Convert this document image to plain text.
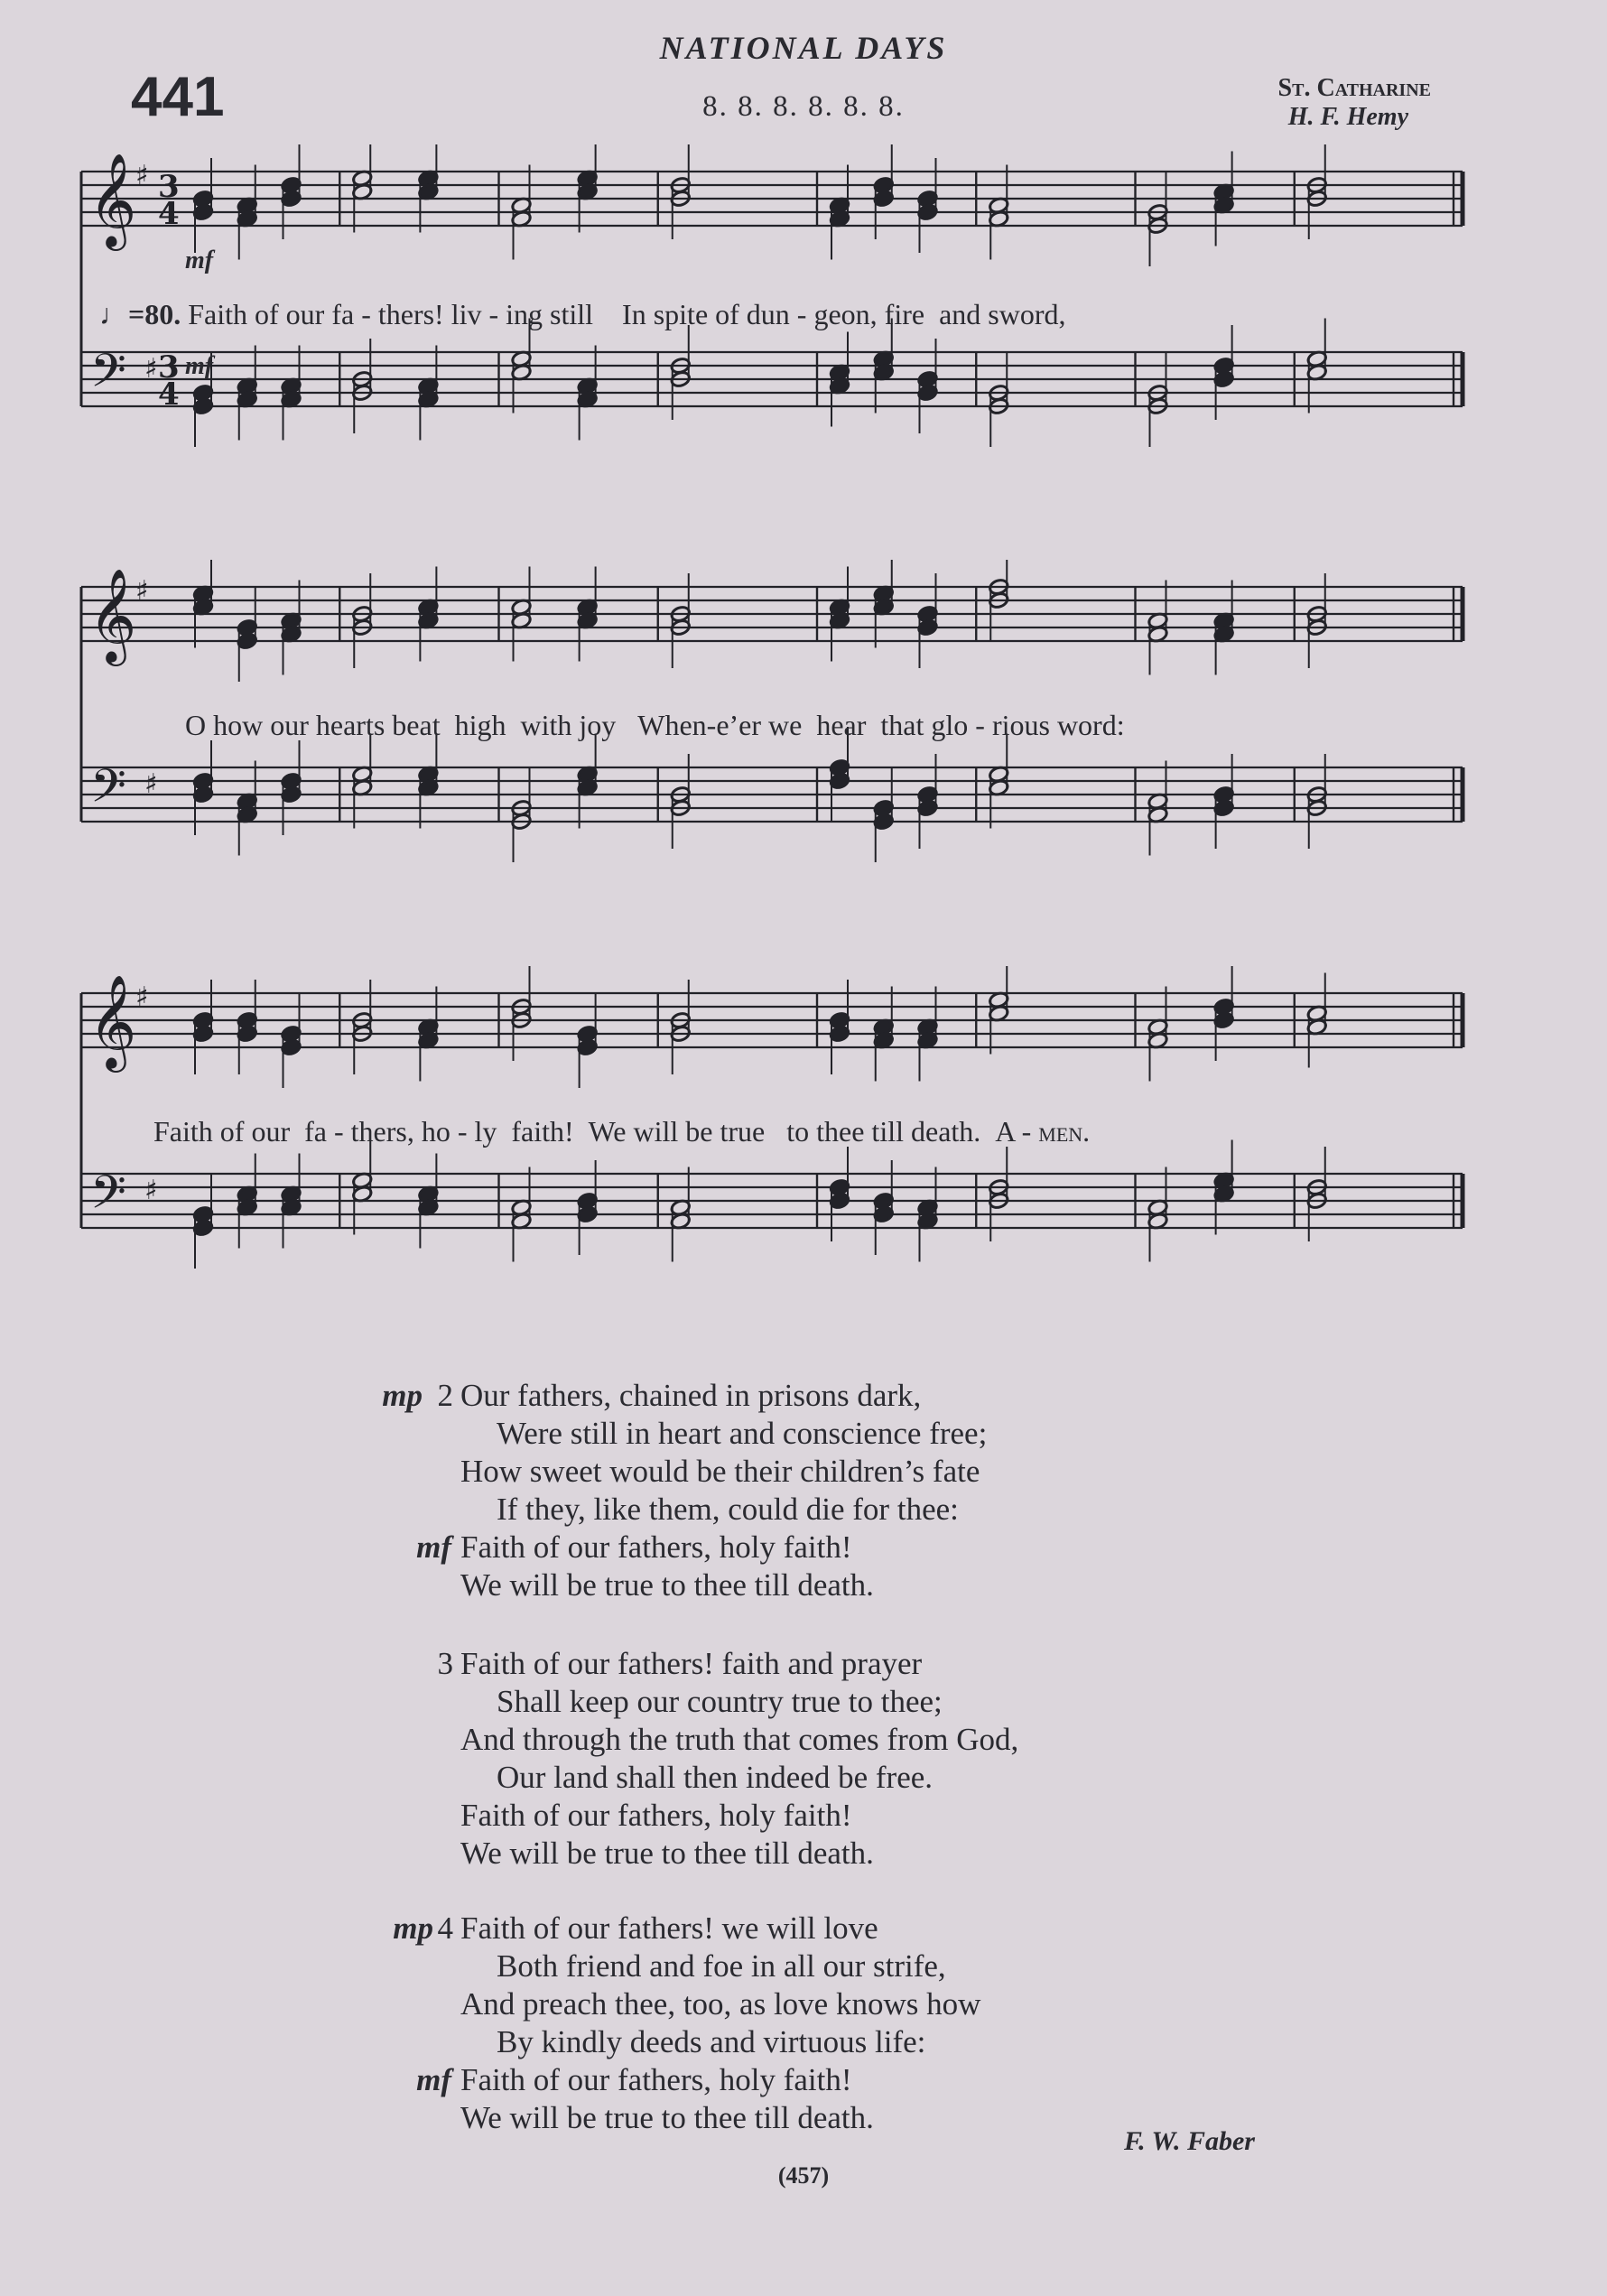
NATIONAL DAYS
441	8. 8. 8. 8. 8. 8.
St. Catharine
H. F. Hemy
𝄞
𝄢
♯
♯
3
4
3
4
𝄞
𝄢
♯
♯
𝄞
𝄢
♯
♯
mf
mf
♩=80. Faith of our fa - thers! liv - ing still    In spite of dun - geon, fire  and sword,
O how our hearts beat  high  with joy   When-e’er we  hear  that glo - rious word:
Faith of our  fa - thers, ho - ly  faith!  We will be true   to thee till death.  A - men.
2
mp Our fathers, chained in prisons dark,
Were still in heart and conscience free;
How sweet would be their children’s fate
If they, like them, could die for thee:
mf Faith of our fathers, holy faith!
We will be true to thee till death.
3 Faith of our fathers! faith and prayer
Shall keep our country true to thee;
And through the truth that comes from God,
Our land shall then indeed be free.
Faith of our fathers, holy faith!
We will be true to thee till death.
4
mp Faith of our fathers! we will love
Both friend and foe in all our strife,
And preach thee, too, as love knows how
By kindly deeds and virtuous life:
mf Faith of our fathers, holy faith!
We will be true to thee till death.
F. W. Faber
(457)
